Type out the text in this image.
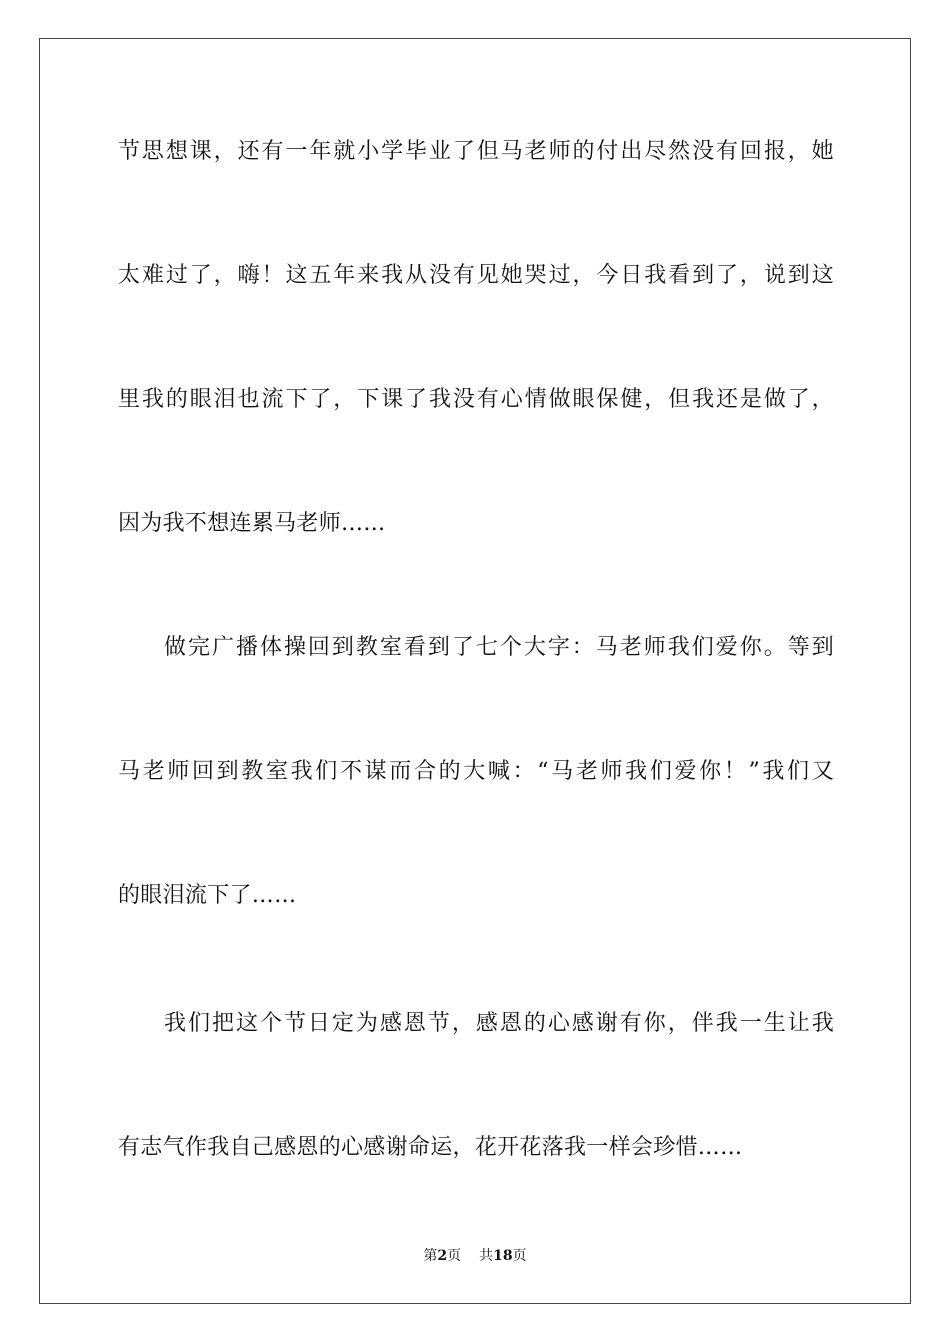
节思想课，还有一年就小学毕业了但马老师的付出尽然没有回报，她
太难过了，嗨！这五年来我从没有见她哭过，今日我看到了，说到这
里我的眼泪也流下了，下课了我没有心情做眼保健，但我还是做了，
因为我不想连累马老师……
做完广播体操回到教室看到了七个大字：马老师我们爱你。等到
马老师回到教室我们不谋而合的大喊：“马老师我们爱你！”我们又
的眼泪流下了……
我们把这个节日定为感恩节，感恩的心感谢有你，伴我一生让我
有志气作我自己感恩的心感谢命运，花开花落我一样会珍惜……
第2页 共18页
